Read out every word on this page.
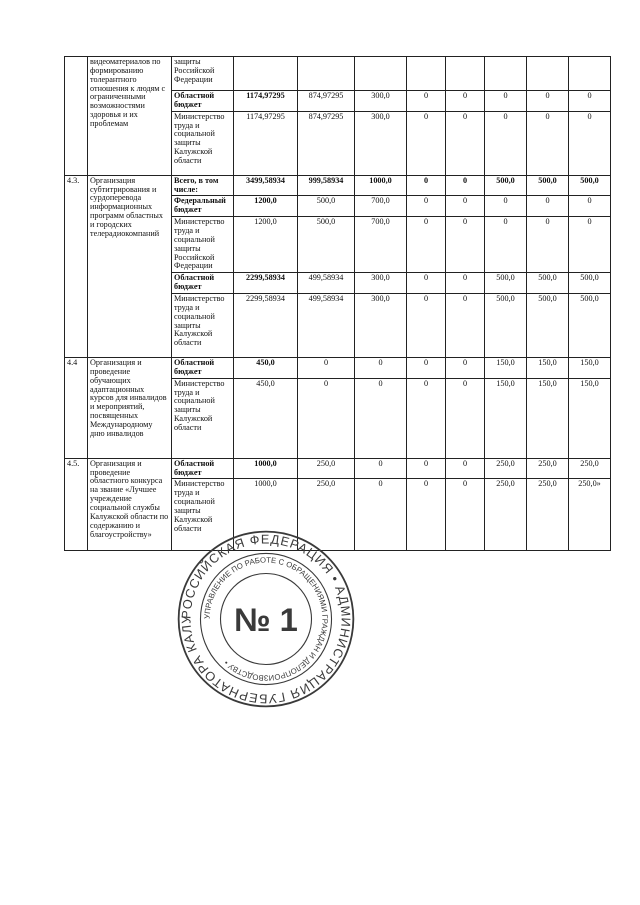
	видеоматериалов по формированию толерантного отношения к людям с ограниченными возможностями здоровья и их проблемам	защиты Российской Федерации								
		Областной бюджет	1174,97295	874,97295	300,0	0	0	0	0	0
		Министерство труда и социальной защиты Калужской области	1174,97295	874,97295	300,0	0	0	0	0	0
4.3.	Организация субтитрирования и сурдоперевода информационных программ областных и городских телерадиокомпаний	Всего, в том числе:	3499,58934	999,58934	1000,0	0	0	500,0	500,0	500,0
		Федеральный бюджет	1200,0	500,0	700,0	0	0	0	0	0
		Министерство труда и социальной защиты Российской Федерации	1200,0	500,0	700,0	0	0	0	0	0
		Областной бюджет	2299,58934	499,58934	300,0	0	0	500,0	500,0	500,0
		Министерство труда и социальной защиты Калужской области	2299,58934	499,58934	300,0	0	0	500,0	500,0	500,0
4.4	Организация и проведение обучающих адаптационных курсов для инвалидов и мероприятий, посвященных Международному дню инвалидов	Областной бюджет	450,0	0	0	0	0	150,0	150,0	150,0
		Министерство труда и социальной защиты Калужской области	450,0	0	0	0	0	150,0	150,0	150,0
4.5.	Организация и проведение областного конкурса на звание «Лучшее учреждение социальной службы Калужской области по содержанию и благоустройству»	Областной бюджет	1000,0	250,0	0	0	0	250,0	250,0	250,0
		Министерство труда и социальной защиты Калужской области	1000,0	250,0	0	0	0	250,0	250,0	250,0»
РОССИЙСКАЯ ФЕДЕРАЦИЯ • АДМИНИСТРАЦИЯ ГУБЕРНАТОРА КАЛУ	УПРАВЛЕНИЕ ПО РАБОТЕ С ОБРАЩЕНИЯМИ ГРАЖДАН И ДЕЛОПРОИЗВОДСТВУ •
№ 1
